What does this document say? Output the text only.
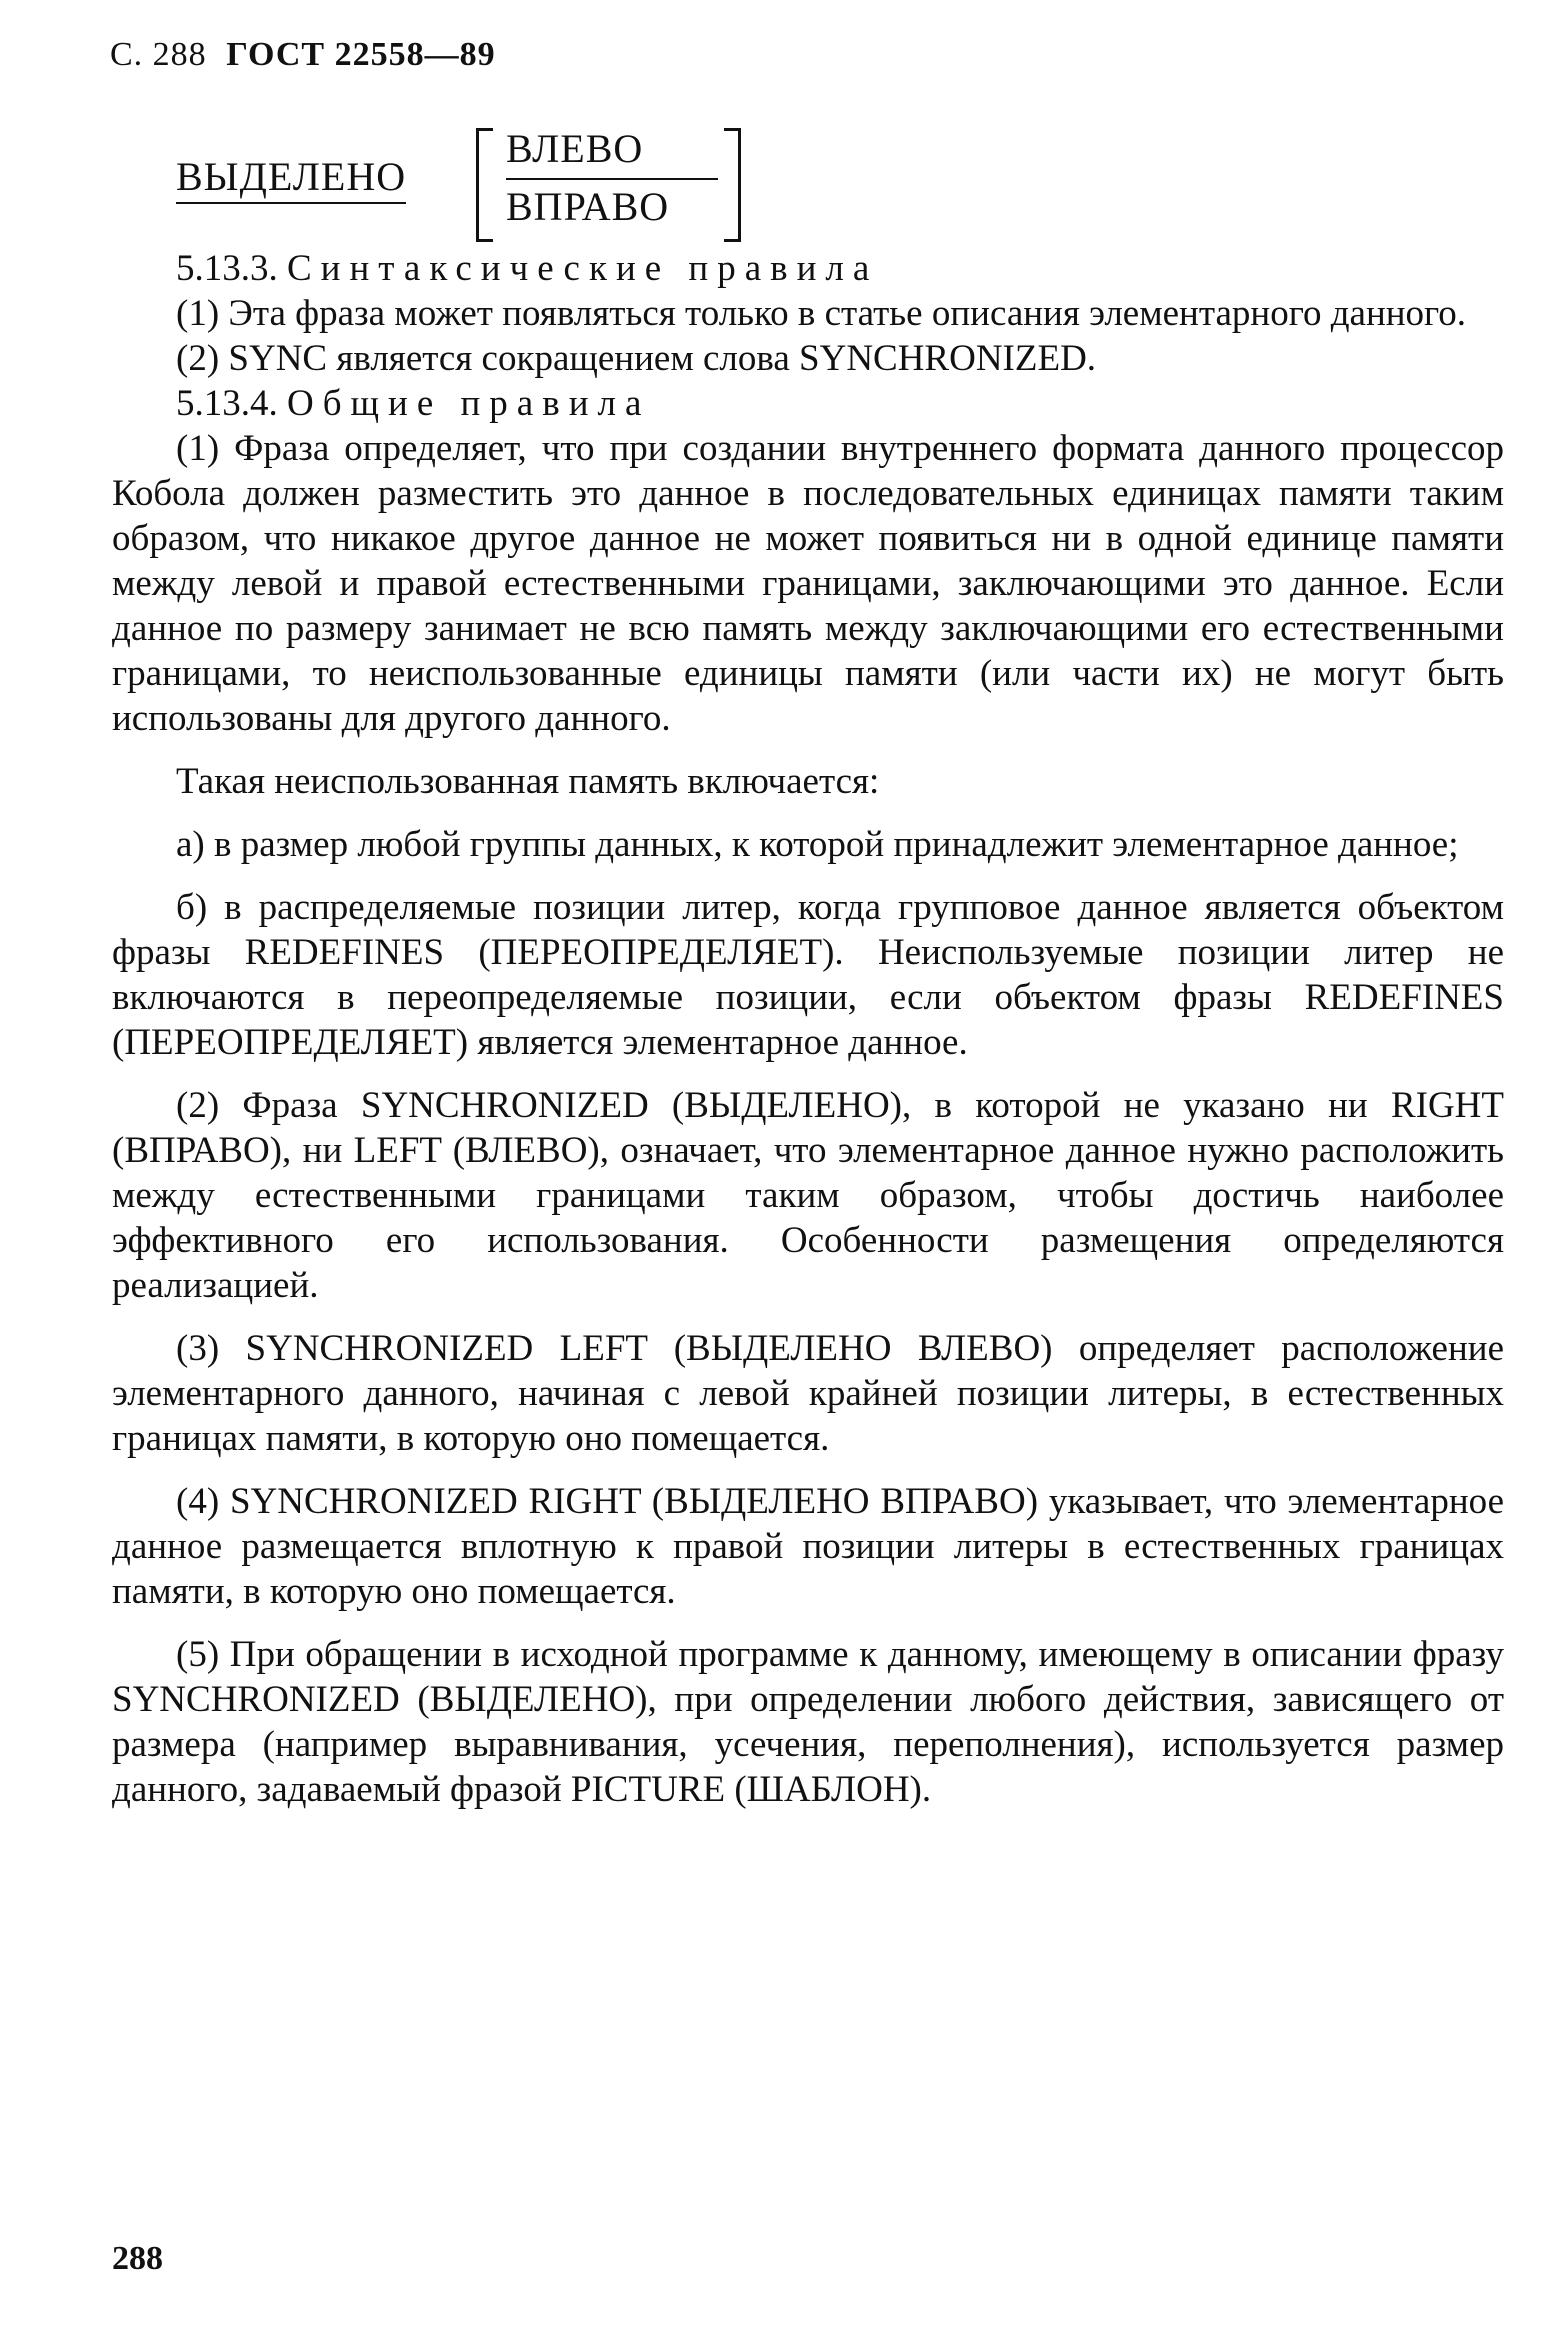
С. 288 ГОСТ 22558—89
ВЫДЕЛЕНО
ВЛЕВО
ВПРАВО
5.13.3. Синтаксические правила

(1) Эта фраза может появляться только в статье описания элементарного данного.

(2) SYNC является сокращением слова SYNCHRONIZED.

5.13.4. Общие правила

(1) Фраза определяет, что при создании внутреннего формата данного процессор Кобола должен разместить это данное в последовательных единицах памяти таким образом, что никакое другое данное не может появиться ни в одной единице памяти между левой и правой естественными границами, заключающими это данное. Если данное по размеру занимает не всю память между заключающими его естественными границами, то неиспользованные единицы памяти (или части их) не могут быть использованы для другого данного.

Такая неиспользованная память включается:

а) в размер любой группы данных, к которой принадлежит элементарное данное;

б) в распределяемые позиции литер, когда групповое данное является объектом фразы REDEFINES (ПЕРЕОПРЕДЕЛЯЕТ). Неиспользуемые позиции литер не включаются в переопределяемые позиции, если объектом фразы REDEFINES (ПЕРЕОПРЕДЕЛЯЕТ) является элементарное данное.

(2) Фраза SYNCHRONIZED (ВЫДЕЛЕНО), в которой не указано ни RIGHT (ВПРАВО), ни LEFT (ВЛЕВО), означает, что элементарное данное нужно расположить между естественными границами таким образом, чтобы достичь наиболее эффективного его использования. Особенности размещения определяются реализацией.

(3) SYNCHRONIZED LEFT (ВЫДЕЛЕНО ВЛЕВО) определяет расположение элементарного данного, начиная с левой крайней позиции литеры, в естественных границах памяти, в которую оно помещается.

(4) SYNCHRONIZED RIGHT (ВЫДЕЛЕНО ВПРАВО) указывает, что элементарное данное размещается вплотную к правой позиции литеры в естественных границах памяти, в которую оно помещается.

(5) При обращении в исходной программе к данному, имеющему в описании фразу SYNCHRONIZED (ВЫДЕЛЕНО), при определении любого действия, зависящего от размера (например выравнивания, усечения, переполнения), используется размер данного, задаваемый фразой PICTURE (ШАБЛОН).

288
